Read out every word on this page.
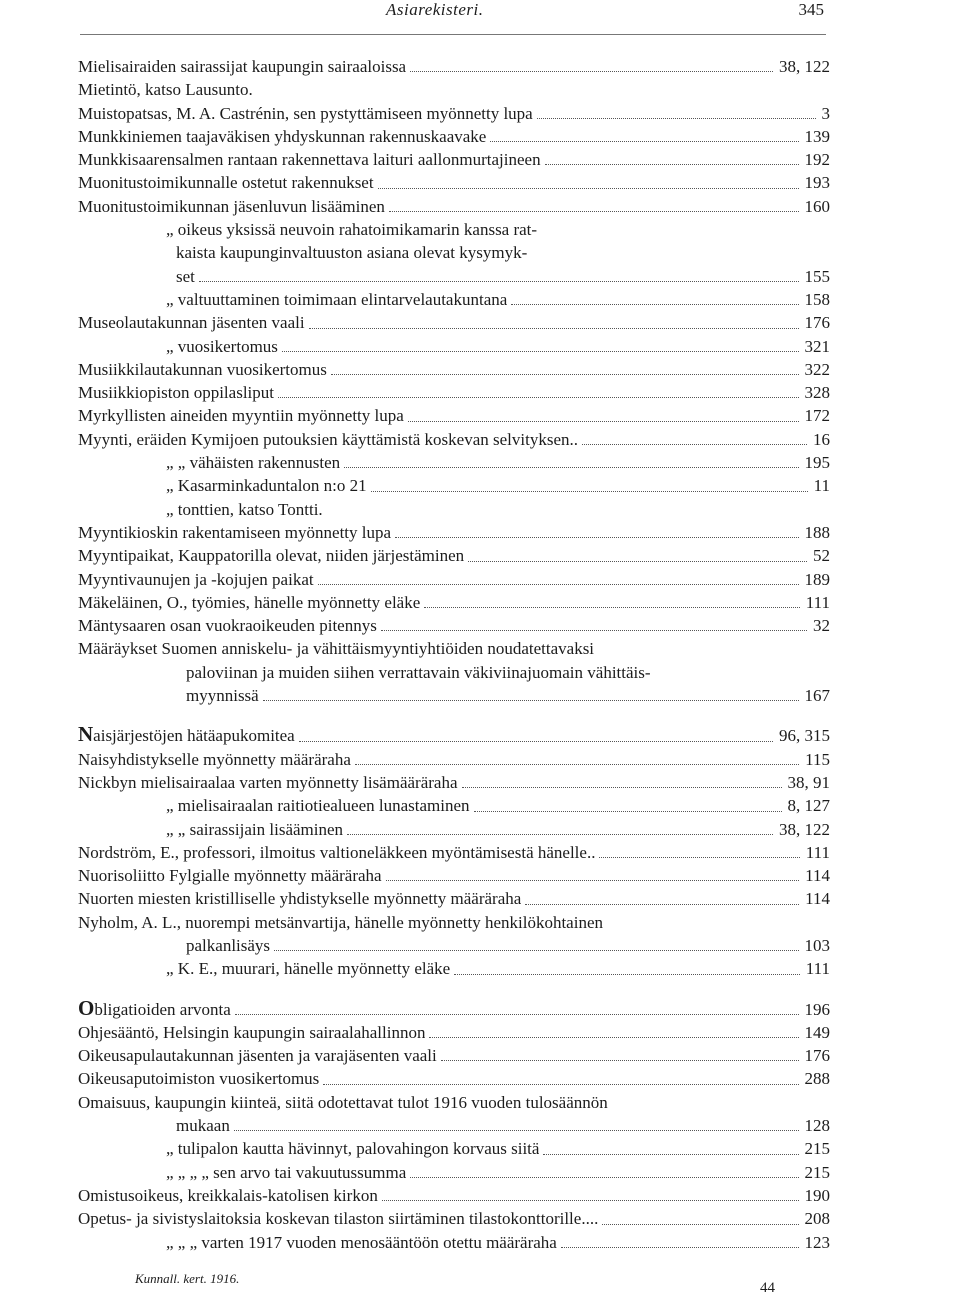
Asiarekisteri.	345
Mielisairaiden sairassijat kaupungin sairaaloissa	38, 122
Mietintö, katso Lausunto.
Muistopatsas, M. A. Castrénin, sen pystyttämiseen myönnetty lupa	3
Munkkiniemen taajaväkisen yhdyskunnan rakennuskaavake	139
Munkkisaarensalmen rantaan rakennettava laituri aallonmurtajineen	192
Muonitustoimikunnalle ostetut rakennukset	193
Muonitustoimikunnan jäsenluvun lisääminen	160
„ oikeus yksissä neuvoin rahatoimikamarin kanssa rat-
kaista kaupunginvaltuuston asiana olevat kysymyk-
set	155
„ valtuuttaminen toimimaan elintarvelautakuntana	158
Museolautakunnan jäsenten vaali	176
„ vuosikertomus	321
Musiikkilautakunnan vuosikertomus	322
Musiikkiopiston oppilasliput	328
Myrkyllisten aineiden myyntiin myönnetty lupa	172
Myynti, eräiden Kymijoen putouksien käyttämistä koskevan selvityksen..	16
„ „ vähäisten rakennusten	195
„ Kasarminkaduntalon n:o 21	11
„ tonttien, katso Tontti.
Myyntikioskin rakentamiseen myönnetty lupa	188
Myyntipaikat, Kauppatorilla olevat, niiden järjestäminen	52
Myyntivaunujen ja -kojujen paikat	189
Mäkeläinen, O., työmies, hänelle myönnetty eläke	111
Mäntysaaren osan vuokraoikeuden pitennys	32
Määräykset Suomen anniskelu- ja vähittäismyyntiyhtiöiden noudatettavaksi
paloviinan ja muiden siihen verrattavain väkiviinajuomain vähittäis-
myynnissä	167
Naisjärjestöjen hätäapukomitea	96, 315
Naisyhdistykselle myönnetty määräraha	115
Nickbyn mielisairaalaa varten myönnetty lisämääräraha	38, 91
„ mielisairaalan raitiotiealueen lunastaminen	8, 127
„ „ sairassijain lisääminen	38, 122
Nordström, E., professori, ilmoitus valtioneläkkeen myöntämisestä hänelle..	111
Nuorisoliitto Fylgialle myönnetty määräraha	114
Nuorten miesten kristilliselle yhdistykselle myönnetty määräraha	114
Nyholm, A. L., nuorempi metsänvartija, hänelle myönnetty henkilökohtainen
palkanlisäys	103
„ K. E., muurari, hänelle myönnetty eläke	111
Obligatioiden arvonta	196
Ohjesääntö, Helsingin kaupungin sairaalahallinnon	149
Oikeusapulautakunnan jäsenten ja varajäsenten vaali	176
Oikeusaputoimiston vuosikertomus	288
Omaisuus, kaupungin kiinteä, siitä odotettavat tulot 1916 vuoden tulosäännön
mukaan	128
„ tulipalon kautta hävinnyt, palovahingon korvaus siitä	215
„ „ „ „ sen arvo tai vakuutussumma	215
Omistusoikeus, kreikkalais-katolisen kirkon	190
Opetus- ja sivistyslaitoksia koskevan tilaston siirtäminen tilastokonttorille....	208
„ „ „ varten 1917 vuoden menosääntöön otettu määräraha	123
Kunnall. kert. 1916.
44
